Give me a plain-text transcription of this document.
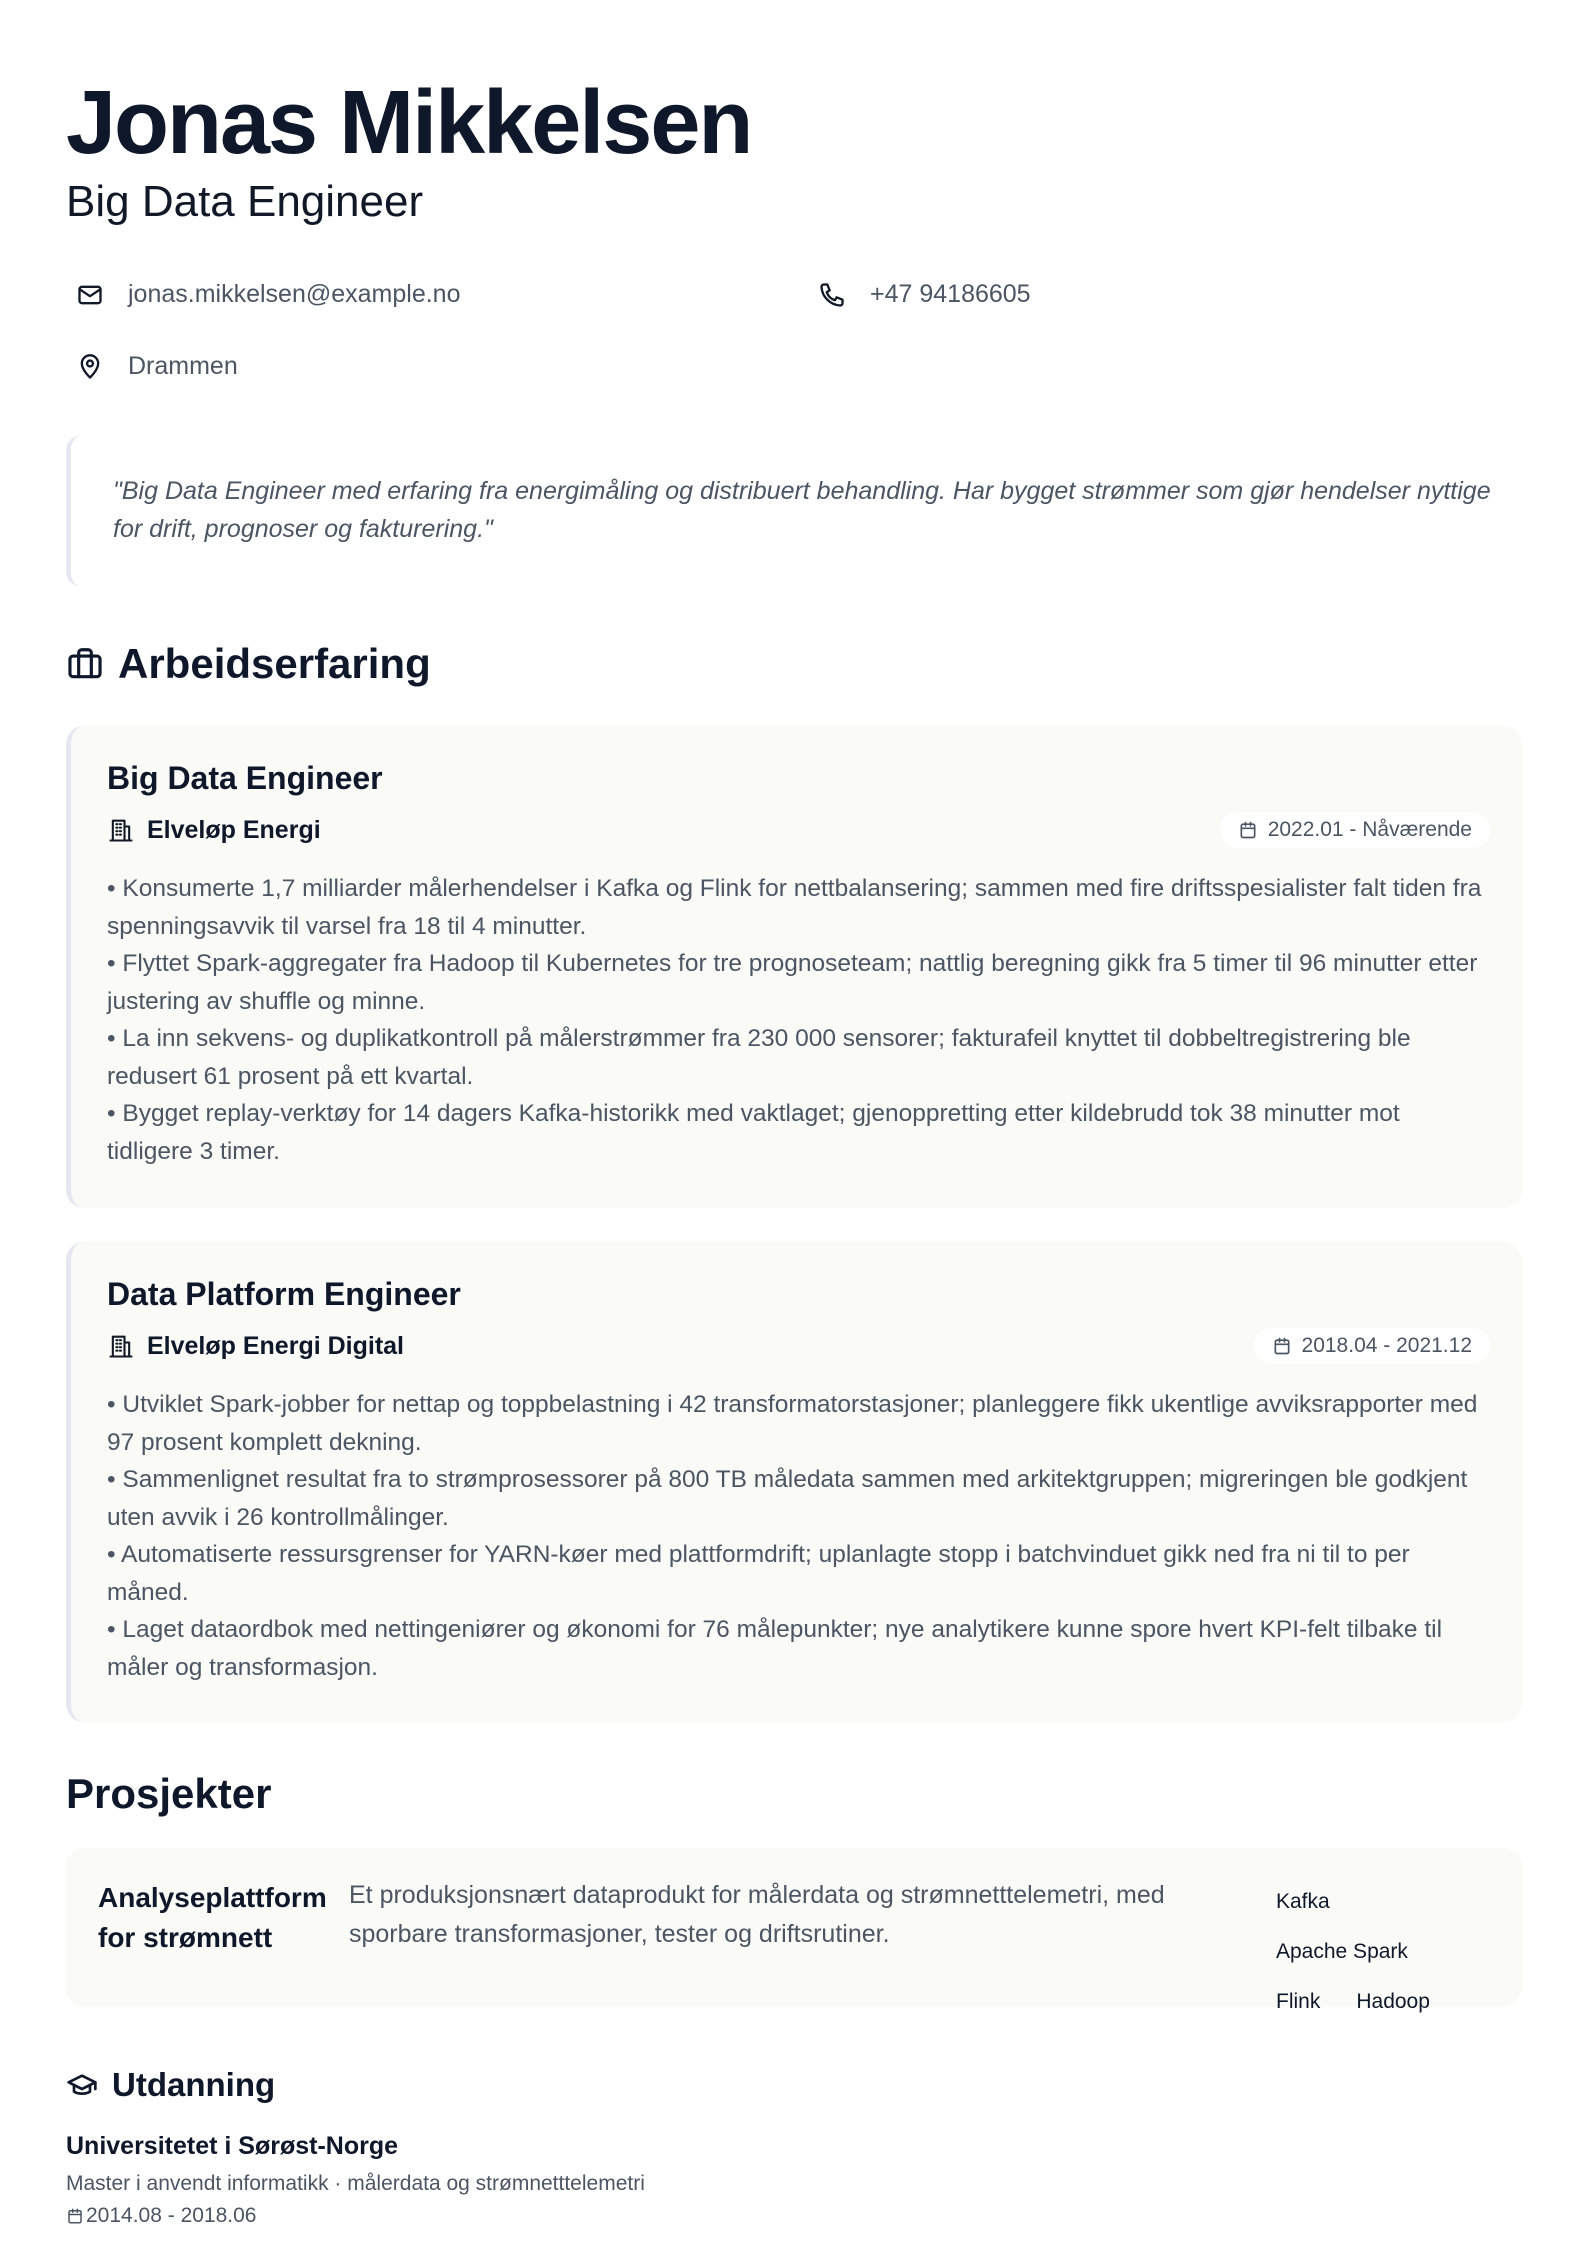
Jonas Mikkelsen
Big Data Engineer
jonas.mikkelsen@example.no	+47 94186605
Drammen
"Big Data Engineer med erfaring fra energimåling og distribuert behandling. Har bygget strømmer som gjør hendelser nyttige for drift, prognoser og fakturering."
Arbeidserfaring
Big Data Engineer
Elveløp Energi	2022.01 - Nåværende

• Konsumerte 1,7 milliarder målerhendelser i Kafka og Flink for nettbalansering; sammen med fire driftsspesialister falt tiden fra spenningsavvik til varsel fra 18 til 4 minutter.

• Flyttet Spark-aggregater fra Hadoop til Kubernetes for tre prognoseteam; nattlig beregning gikk fra 5 timer til 96 minutter etter justering av shuffle og minne.

• La inn sekvens- og duplikatkontroll på målerstrømmer fra 230 000 sensorer; fakturafeil knyttet til dobbeltregistrering ble redusert 61 prosent på ett kvartal.

• Bygget replay-verktøy for 14 dagers Kafka-historikk med vaktlaget; gjenoppretting etter kildebrudd tok 38 minutter mot tidligere 3 timer.

Data Platform Engineer
Elveløp Energi Digital	2018.04 - 2021.12

• Utviklet Spark-jobber for nettap og toppbelastning i 42 transformatorstasjoner; planleggere fikk ukentlige avviksrapporter med 97 prosent komplett dekning.

• Sammenlignet resultat fra to strømprosessorer på 800 TB måledata sammen med arkitektgruppen; migreringen ble godkjent uten avvik i 26 kontrollmålinger.

• Automatiserte ressursgrenser for YARN-køer med plattformdrift; uplanlagte stopp i batchvinduet gikk ned fra ni til to per måned.

• Laget dataordbok med nettingeniører og økonomi for 76 målepunkter; nye analytikere kunne spore hvert KPI-felt tilbake til måler og transformasjon.

Prosjekter
Analyseplattform for strømnett
Et produksjonsnært dataprodukt for målerdata og strømnetttelemetri, med sporbare transformasjoner, tester og driftsrutiner.
Kafka
Apache Spark
Flink Hadoop
Utdanning
Universitetet i Sørøst-Norge
Master i anvendt informatikk · målerdata og strømnetttelemetri
2014.08 - 2018.06
